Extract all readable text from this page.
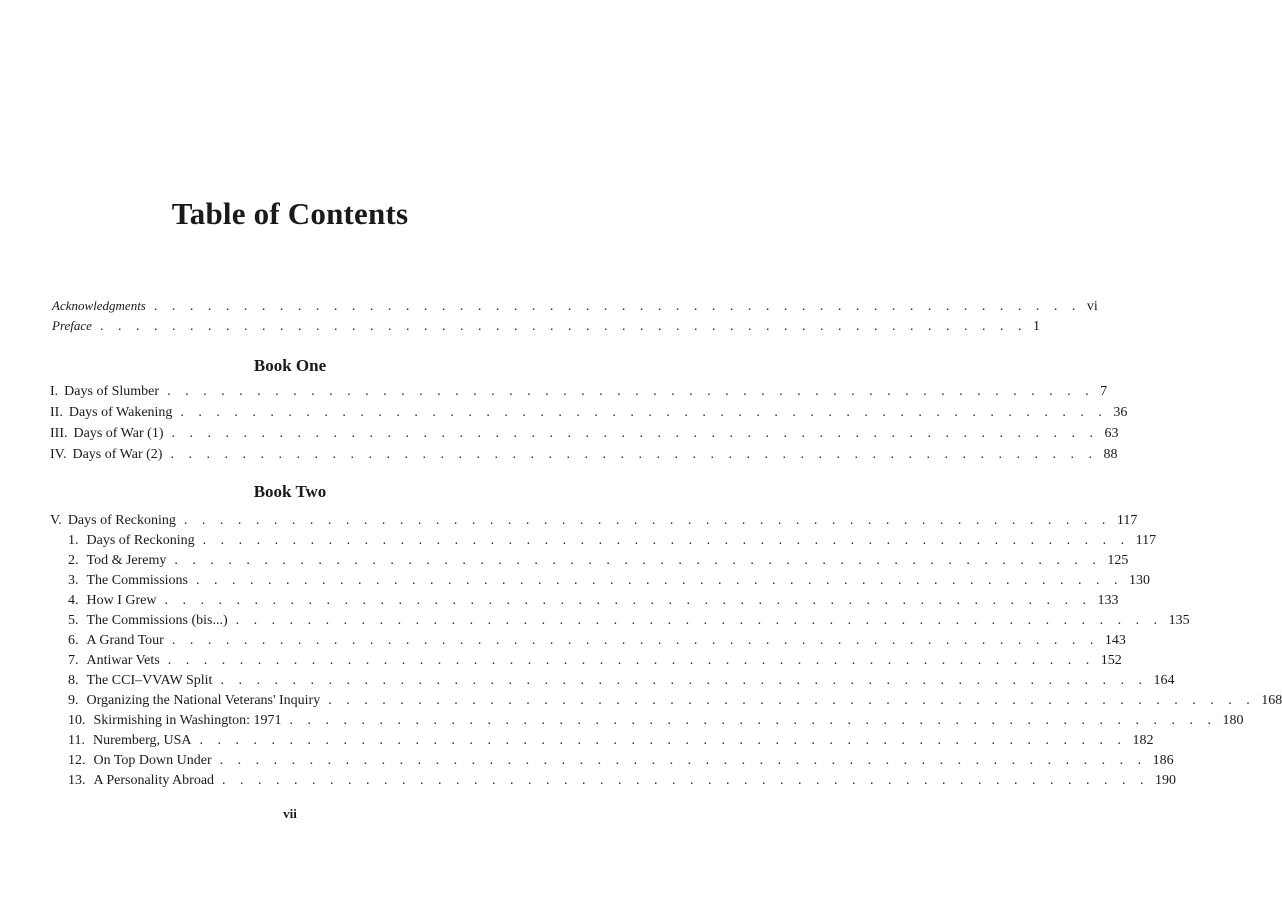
Table of Contents
Acknowledgments . . . . . . . . . . . . . . . . . . . . . . . . . . . . . . . . . . . . . . . . . . . . . . . . . . . . vi
Preface . . . . . . . . . . . . . . . . . . . . . . . . . . . . . . . . . . . . . . . . . . . . . . . . . . . . 1
Book One
I. Days of Slumber . . . . . . . . . . . . . . . . . . . . . . . . . . . . . . . . . . . . . . . . . . . . . . . . . . . . 7
II. Days of Wakening . . . . . . . . . . . . . . . . . . . . . . . . . . . . . . . . . . . . . . . . . . . . . . . . . . . . 36
III. Days of War (1) . . . . . . . . . . . . . . . . . . . . . . . . . . . . . . . . . . . . . . . . . . . . . . . . . . . . 63
IV. Days of War (2) . . . . . . . . . . . . . . . . . . . . . . . . . . . . . . . . . . . . . . . . . . . . . . . . . . . . 88
Book Two
V. Days of Reckoning . . . . . . . . . . . . . . . . . . . . . . . . . . . . . . . . . . . . . . . . . . . . . . . . . . . . 117
1. Days of Reckoning . . . . . . . . . . . . . . . . . . . . . . . . . . . . . . . . . . . . . . . . . . . . . . . . . . . . 117
2. Tod & Jeremy . . . . . . . . . . . . . . . . . . . . . . . . . . . . . . . . . . . . . . . . . . . . . . . . . . . . 125
3. The Commissions . . . . . . . . . . . . . . . . . . . . . . . . . . . . . . . . . . . . . . . . . . . . . . . . . . . . 130
4. How I Grew . . . . . . . . . . . . . . . . . . . . . . . . . . . . . . . . . . . . . . . . . . . . . . . . . . . . 133
5. The Commissions (bis...) . . . . . . . . . . . . . . . . . . . . . . . . . . . . . . . . . . . . . . . . . . . . . . . . . . . . 135
6. A Grand Tour . . . . . . . . . . . . . . . . . . . . . . . . . . . . . . . . . . . . . . . . . . . . . . . . . . . . 143
7. Antiwar Vets . . . . . . . . . . . . . . . . . . . . . . . . . . . . . . . . . . . . . . . . . . . . . . . . . . . . 152
8. The CCI–VVAW Split . . . . . . . . . . . . . . . . . . . . . . . . . . . . . . . . . . . . . . . . . . . . . . . . . . . . 164
9. Organizing the National Veterans' Inquiry . . . . . . . . . . . . . . . . . . . . . . . . . . . . . . . . . . . . . . . . . . . . . . . . . . . . 168
10. Skirmishing in Washington: 1971 . . . . . . . . . . . . . . . . . . . . . . . . . . . . . . . . . . . . . . . . . . . . . . . . . . . . 180
11. Nuremberg, USA . . . . . . . . . . . . . . . . . . . . . . . . . . . . . . . . . . . . . . . . . . . . . . . . . . . . 182
12. On Top Down Under . . . . . . . . . . . . . . . . . . . . . . . . . . . . . . . . . . . . . . . . . . . . . . . . . . . . 186
13. A Personality Abroad . . . . . . . . . . . . . . . . . . . . . . . . . . . . . . . . . . . . . . . . . . . . . . . . . . . . 190
vii
